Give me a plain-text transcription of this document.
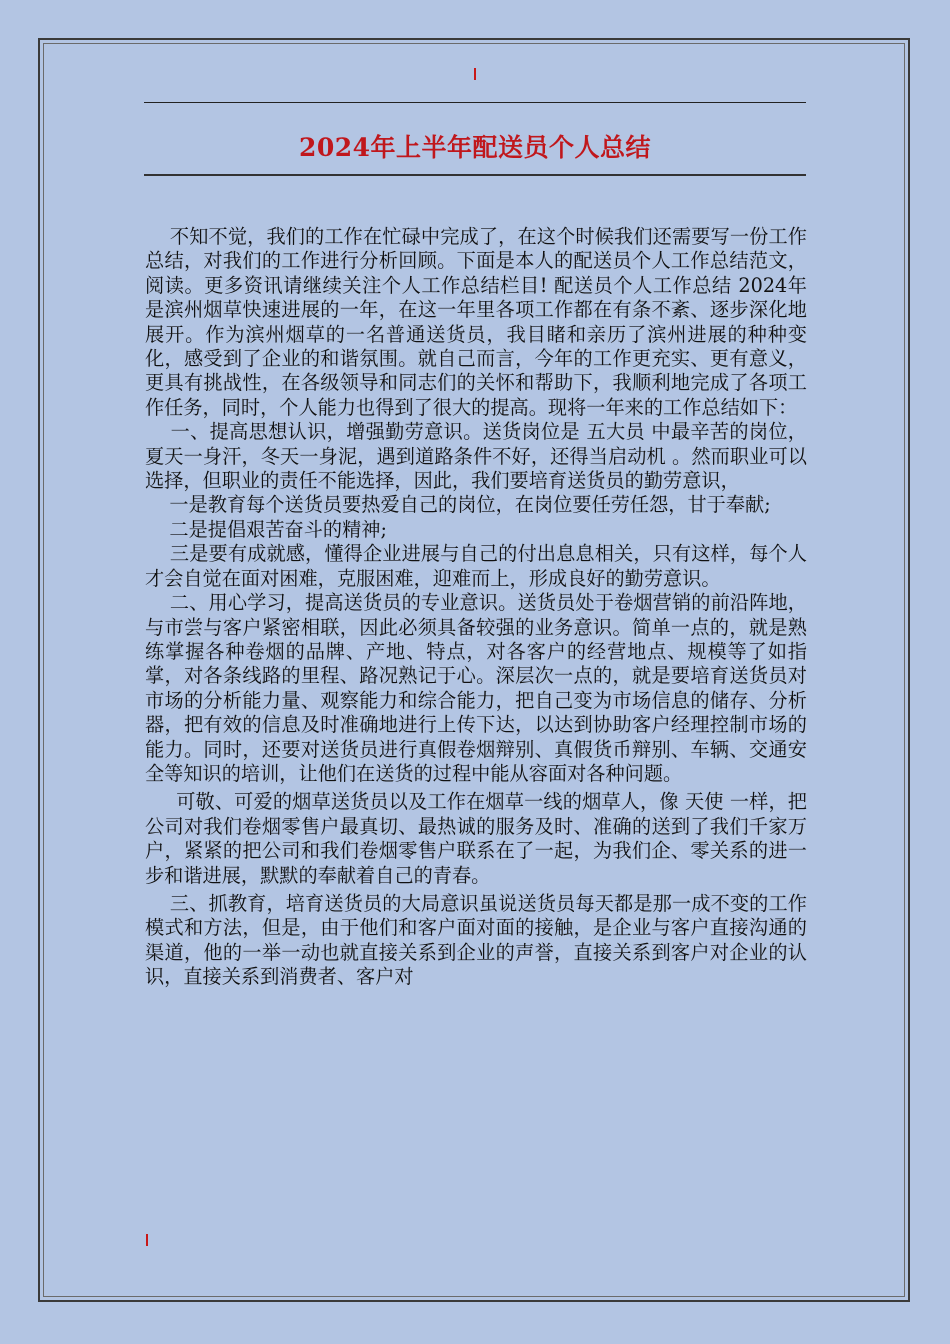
2024年上半年配送员个人总结

不知不觉，我们的工作在忙碌中完成了，在这个时候我们还需要写一份工作总结，对我们的工作进行分析回顾。下面是本人的配送员个人工作总结范文，阅读。更多资讯请继续关注个人工作总结栏目! 配送员个人工作总结 2024年是滨州烟草快速进展的一年，在这一年里各项工作都在有条不紊、逐步深化地展开。作为滨州烟草的一名普通送货员，我目睹和亲历了滨州进展的种种变化，感受到了企业的和谐氛围。就自己而言，今年的工作更充实、更有意义，更具有挑战性，在各级领导和同志们的关怀和帮助下，我顺利地完成了各项工作任务，同时，个人能力也得到了很大的提高。现将一年来的工作总结如下：

一、提高思想认识，增强勤劳意识。送货岗位是 五大员 中最辛苦的岗位，夏天一身汗，冬天一身泥，遇到道路条件不好，还得当启动机 。然而职业可以选择，但职业的责任不能选择，因此，我们要培育送货员的勤劳意识，

一是教育每个送货员要热爱自己的岗位，在岗位要任劳任怨，甘于奉献;

二是提倡艰苦奋斗的精神;

三是要有成就感，懂得企业进展与自己的付出息息相关，只有这样，每个人才会自觉在面对困难，克服困难，迎难而上，形成良好的勤劳意识。

二、用心学习，提高送货员的专业意识。送货员处于卷烟营销的前沿阵地，与市尝与客户紧密相联，因此必须具备较强的业务意识。简单一点的，就是熟练掌握各种卷烟的品牌、产地、特点，对各客户的经营地点、规模等了如指掌，对各条线路的里程、路况熟记于心。深层次一点的，就是要培育送货员对市场的分析能力量、观察能力和综合能力，把自己变为市场信息的储存、分析器，把有效的信息及时准确地进行上传下达，以达到协助客户经理控制市场的能力。同时，还要对送货员进行真假卷烟辩别、真假货币辩别、车辆、交通安全等知识的培训，让他们在送货的过程中能从容面对各种问题。

可敬、可爱的烟草送货员以及工作在烟草一线的烟草人，像 天使 一样，把公司对我们卷烟零售户最真切、最热诚的服务及时、准确的送到了我们千家万户，紧紧的把公司和我们卷烟零售户联系在了一起，为我们企、零关系的进一步和谐进展，默默的奉献着自己的青春。

三、抓教育，培育送货员的大局意识虽说送货员每天都是那一成不变的工作模式和方法，但是，由于他们和客户面对面的接触，是企业与客户直接沟通的渠道，他的一举一动也就直接关系到企业的声誉，直接关系到客户对企业的认识，直接关系到消费者、客户对
